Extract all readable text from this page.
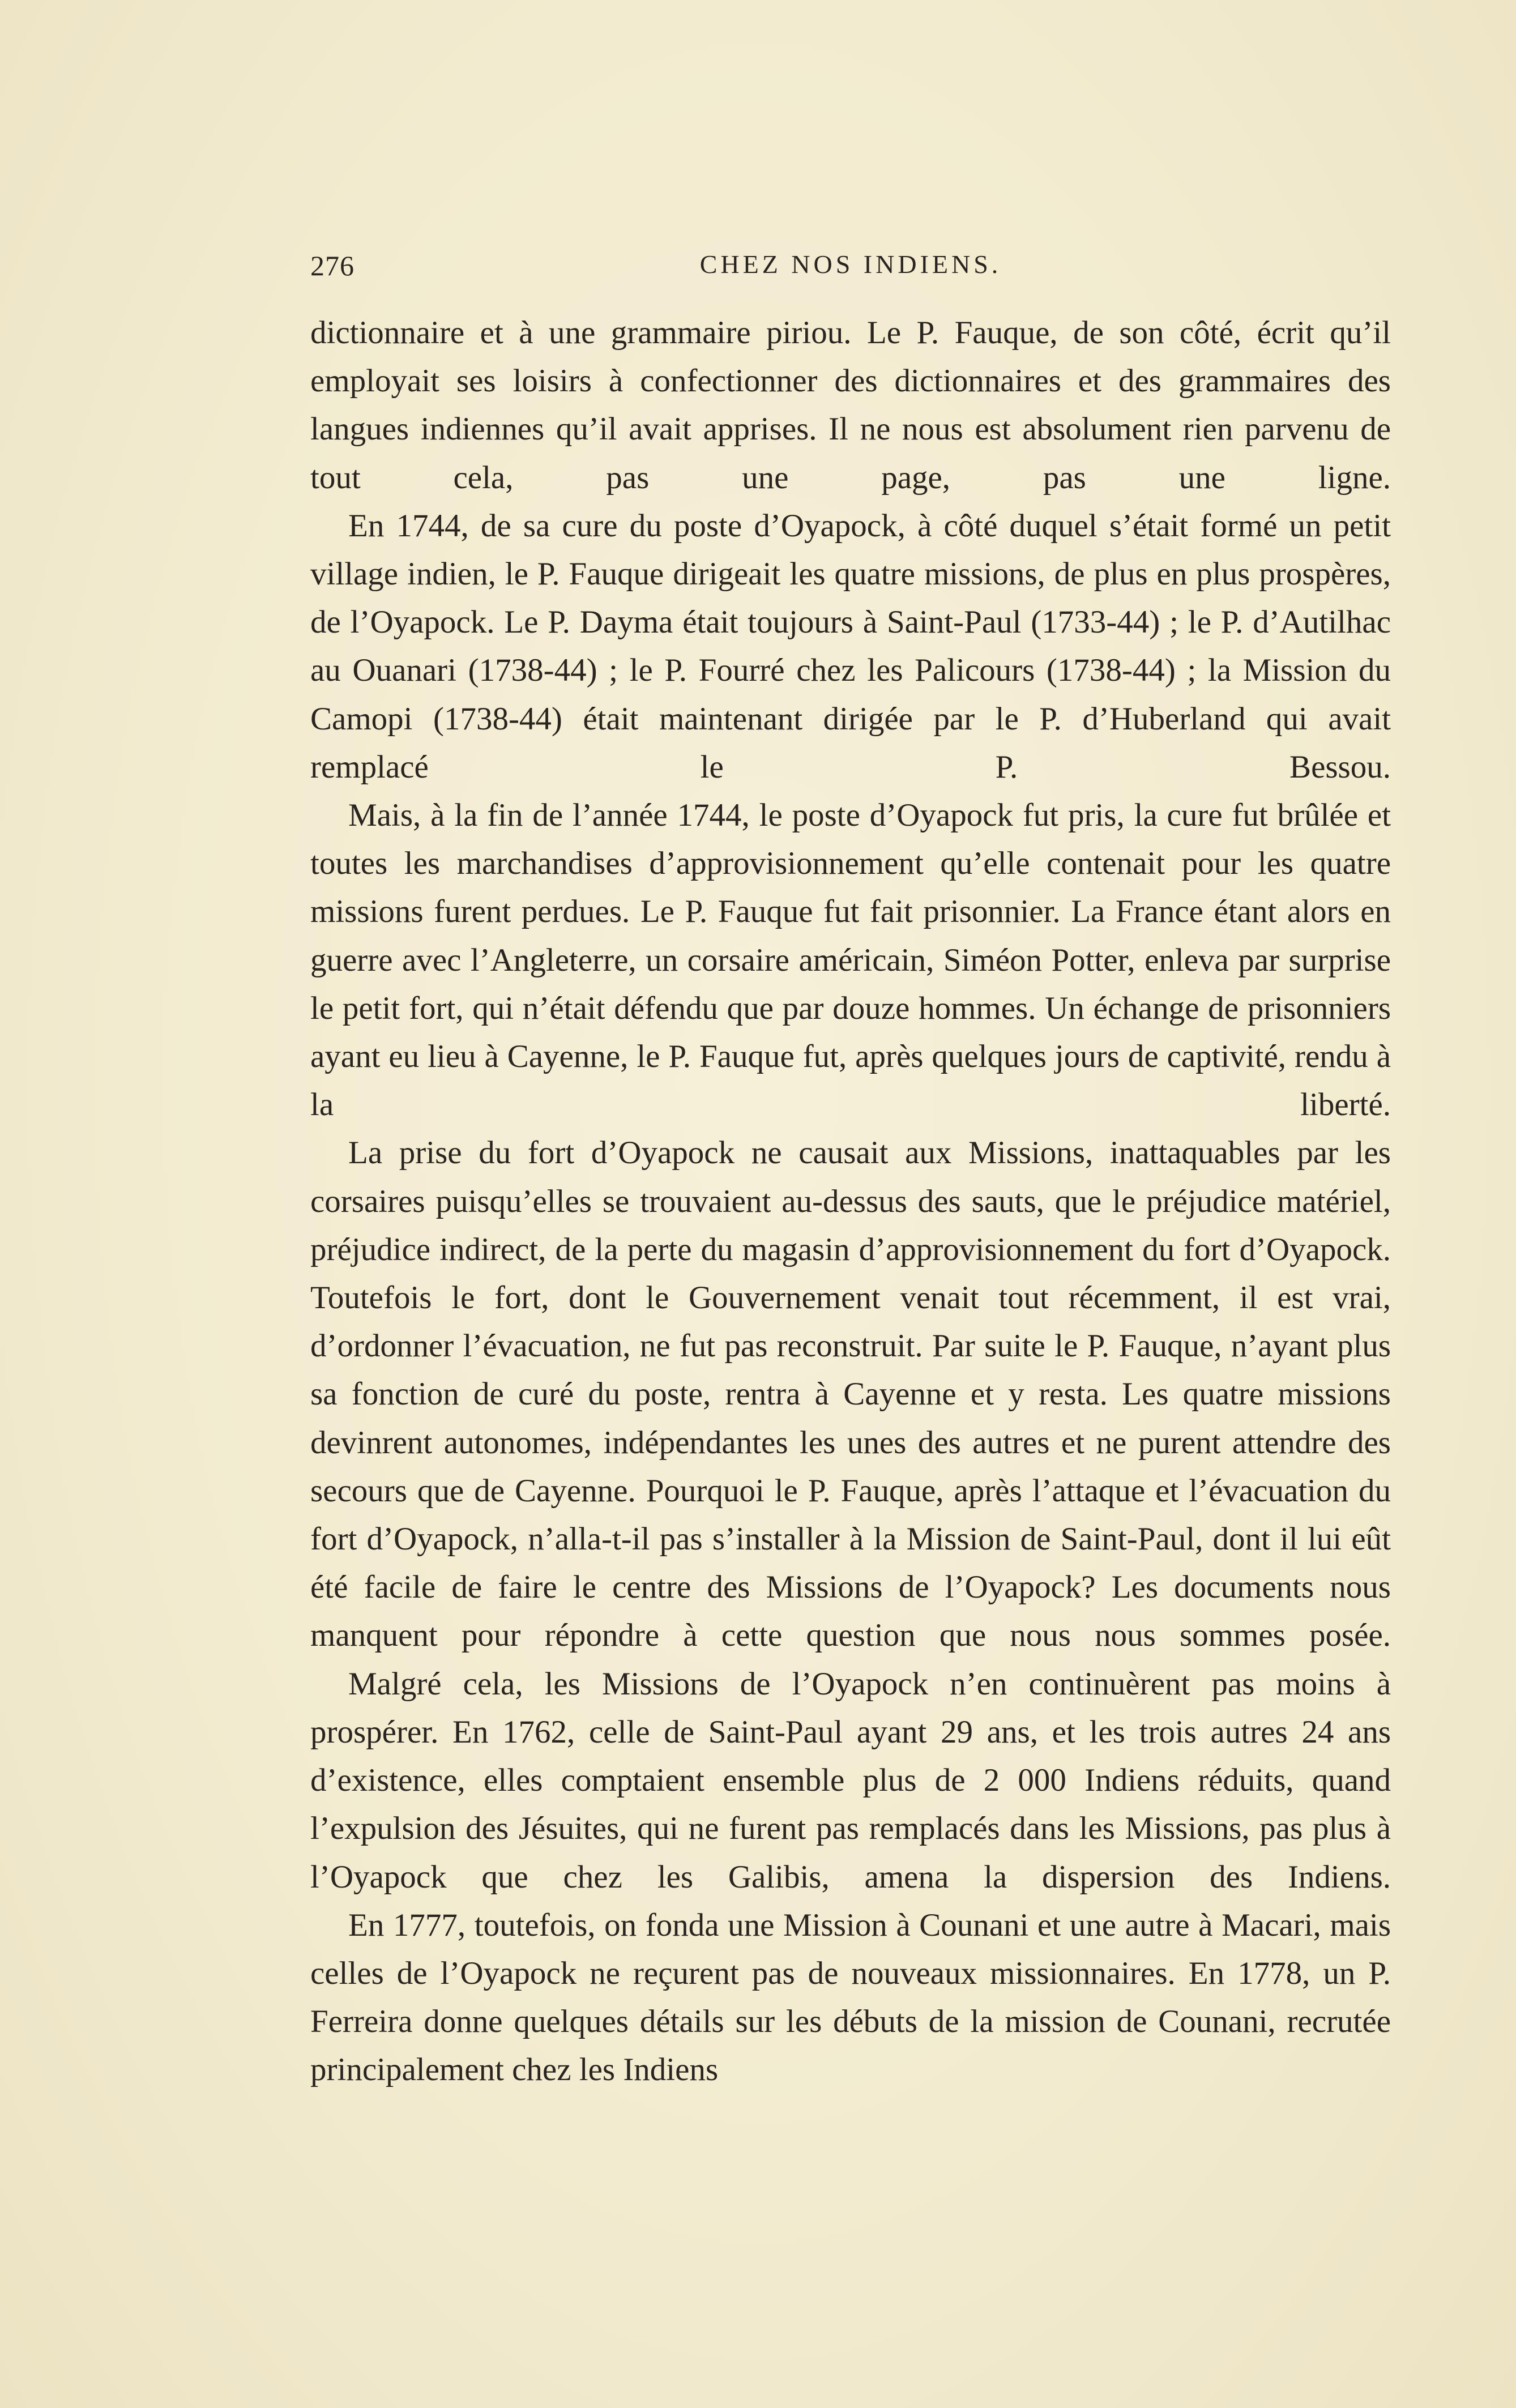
276	CHEZ NOS INDIENS.

dictionnaire et à une grammaire piriou. Le P. Fauque, de son côté, écrit qu’il employait ses loisirs à confectionner des dictionnaires et des grammaires des langues indiennes qu’il avait apprises. Il ne nous est absolument rien parvenu de tout cela, pas une page, pas une ligne.

En 1744, de sa cure du poste d’Oyapock, à côté duquel s’était formé un petit village indien, le P. Fauque dirigeait les quatre missions, de plus en plus prospères, de l’Oyapock. Le P. Dayma était toujours à Saint-Paul (1733-44) ; le P. d’Autilhac au Ouanari (1738-44) ; le P. Fourré chez les Palicours (1738-44) ; la Mission du Camopi (1738-44) était maintenant dirigée par le P. d’Huberland qui avait remplacé le P. Bessou.

Mais, à la fin de l’année 1744, le poste d’Oyapock fut pris, la cure fut brûlée et toutes les marchandises d’approvisionnement qu’elle contenait pour les quatre missions furent perdues. Le P. Fauque fut fait prisonnier. La France étant alors en guerre avec l’Angleterre, un corsaire américain, Siméon Potter, enleva par surprise le petit fort, qui n’était défendu que par douze hommes. Un échange de prisonniers ayant eu lieu à Cayenne, le P. Fauque fut, après quelques jours de captivité, rendu à la liberté.

La prise du fort d’Oyapock ne causait aux Missions, inattaquables par les corsaires puisqu’elles se trouvaient au-dessus des sauts, que le préjudice matériel, préjudice indirect, de la perte du magasin d’approvisionnement du fort d’Oyapock. Toutefois le fort, dont le Gouvernement venait tout récemment, il est vrai, d’ordonner l’évacuation, ne fut pas reconstruit. Par suite le P. Fauque, n’ayant plus sa fonction de curé du poste, rentra à Cayenne et y resta. Les quatre missions devinrent autonomes, indépendantes les unes des autres et ne purent attendre des secours que de Cayenne. Pourquoi le P. Fauque, après l’attaque et l’évacuation du fort d’Oyapock, n’alla-t-il pas s’installer à la Mission de Saint-Paul, dont il lui eût été facile de faire le centre des Missions de l’Oyapock? Les documents nous manquent pour répondre à cette question que nous nous sommes posée.

Malgré cela, les Missions de l’Oyapock n’en continuèrent pas moins à prospérer. En 1762, celle de Saint-Paul ayant 29 ans, et les trois autres 24 ans d’existence, elles comptaient ensemble plus de 2 000 Indiens réduits, quand l’expulsion des Jésuites, qui ne furent pas remplacés dans les Missions, pas plus à l’Oyapock que chez les Galibis, amena la dispersion des Indiens.

En 1777, toutefois, on fonda une Mission à Counani et une autre à Macari, mais celles de l’Oyapock ne reçurent pas de nouveaux missionnaires. En 1778, un P. Ferreira donne quelques détails sur les débuts de la mission de Counani, recrutée principalement chez les Indiens
